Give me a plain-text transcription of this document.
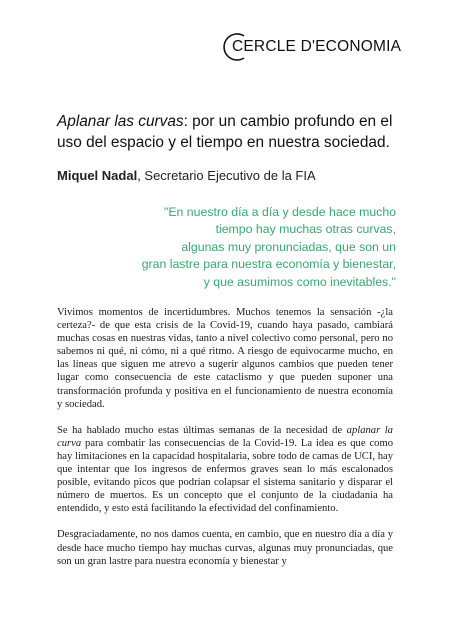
CERCLE D'ECONOMIA
Aplanar las curvas: por un cambio profundo en el uso del espacio y el tiempo en nuestra sociedad.
Miquel Nadal, Secretario Ejecutivo de la FIA
"En nuestro día a día y desde hace mucho
tiempo hay muchas otras curvas,
algunas muy pronunciadas, que son un
gran lastre para nuestra economía y bienestar,
y que asumimos como inevitables."

Vivimos momentos de incertidumbres. Muchos tenemos la sensación -¿la certeza?- de que esta crisis de la Covid-19, cuando haya pasado, cambiará muchas cosas en nuestras vidas, tanto a nivel colectivo como personal, pero no sabemos ni qué, ni cómo, ni a qué ritmo. A riesgo de equivocarme mucho, en las líneas que siguen me atrevo a sugerir algunos cambios que pueden tener lugar como consecuencia de este cataclismo y que pueden suponer una transformación profunda y positiva en el funcionamiento de nuestra economía y sociedad.

Se ha hablado mucho estas últimas semanas de la necesidad de aplanar la curva para combatir las consecuencias de la Covid-19. La idea es que como hay limitaciones en la capacidad hospitalaria, sobre todo de camas de UCI, hay que intentar que los ingresos de enfermos graves sean lo más escalonados posible, evitando picos que podrían colapsar el sistema sanitario y disparar el número de muertos. Es un concepto que el conjunto de la ciudadanía ha entendido, y esto está facilitando la efectividad del confinamiento.

Desgraciadamente, no nos damos cuenta, en cambio, que en nuestro día a día y desde hace mucho tiempo hay muchas curvas, algunas muy pronunciadas, que son un gran lastre para nuestra economía y bienestar y
